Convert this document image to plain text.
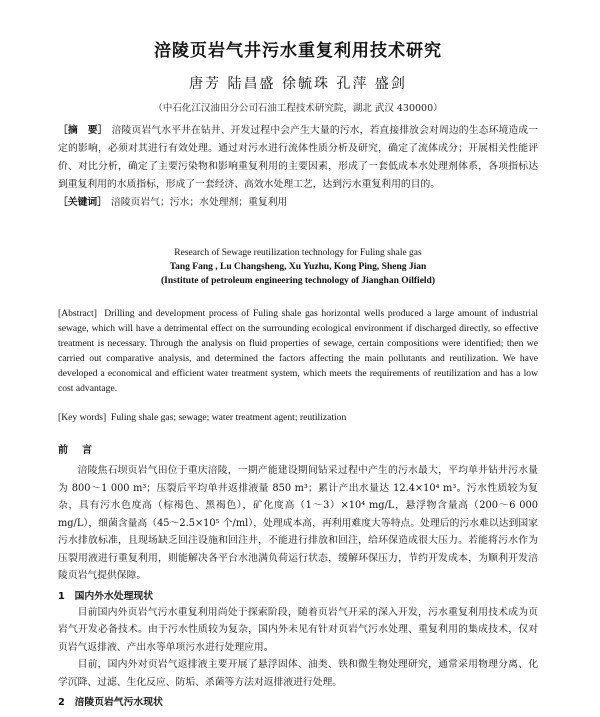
涪陵页岩气井污水重复利用技术研究
唐芳 陆昌盛 徐毓珠 孔萍 盛剑
（中石化江汉油田分公司石油工程技术研究院，湖北 武汉 430000）
［摘　要］ 涪陵页岩气水平井在钻井、开发过程中会产生大量的污水，若直接排放会对周边的生态环境造成一定的影响，必须对其进行有效处理。通过对污水进行流体性质分析及研究，确定了流体成分；开展相关性能评价、对比分析，确定了主要污染物和影响重复利用的主要因素，形成了一套低成本水处理剂体系，各项指标达到重复利用的水质指标，形成了一套经济、高效水处理工艺，达到污水重复利用的目的。
［关键词］ 涪陵页岩气；污水；水处理剂；重复利用
Research of Sewage reutilization technology for Fuling shale gas
Tang Fang , Lu Changsheng, Xu Yuzhu, Kong Ping, Sheng Jian
(Institute of petroleum engineering technology of Jianghan Oilfield)
[Abstract] Drilling and development process of Fuling shale gas horizontal wells produced a large amount of industrial sewage, which will have a detrimental effect on the surrounding ecological environment if discharged directly, so effective treatment is necessary. Through the analysis on fluid properties of sewage, certain compositions were identified; then we carried out comparative analysis, and determined the factors affecting the main pollutants and reutilization. We have developed a economical and efficient water treatment system, which meets the requirements of reutilization and has a low cost advantage.
[Key words] Fuling shale gas; sewage; water treatment agent; reutilization
前　言

涪陵焦石坝页岩气田位于重庆涪陵，一期产能建设期间钻采过程中产生的污水最大，平均单井钻井污水量为 800～1 000 m³；压裂后平均单井返排液量 850 m³；累计产出水量达 12.4×10⁴ m³。污水性质较为复杂，具有污水色度高（棕褐色、黑褐色），矿化度高（1～3）×10⁴ mg/L，悬浮物含量高（200～6 000 mg/L），细菌含量高（45～2.5×10⁵ 个/ml），处理成本高，再利用难度大等特点。处理后的污水难以达到国家污水排放标准，且现场缺乏回注设施和回注井，不能进行排放和回注，给环保造成很大压力。若能将污水作为压裂用液进行重复利用，则能解决各平台水池满负荷运行状态，缓解环保压力，节约开发成本，为顺利开发涪陵页岩气提供保障。

1　国内外水处理现状

目前国内外页岩气污水重复利用尚处于探索阶段，随着页岩气开采的深入开发，污水重复利用技术成为页岩气开发必备技术。由于污水性质较为复杂，国内外未见有针对页岩气污水处理、重复利用的集成技术，仅对页岩气返排液、产出水等单项污水进行处理应用。

目前，国内外对页岩气返排液主要开展了悬浮固体、油类、铁和微生物处理研究，通常采用物理分离、化学沉降、过滤、生化反应、防垢、杀菌等方法对返排液进行处理。

2　涪陵页岩气污水现状
